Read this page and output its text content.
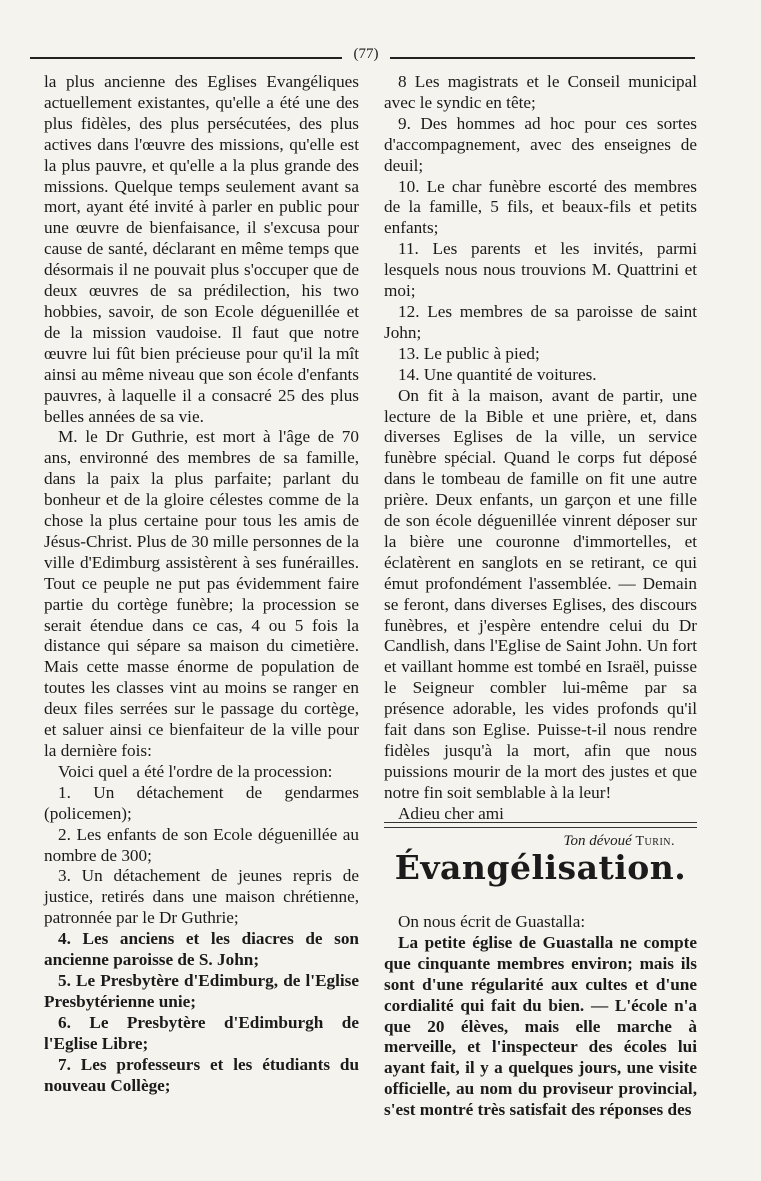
(77)

la plus ancienne des Eglises Evangéliques actuellement existantes, qu'elle a été une des plus fidèles, des plus persécutées, des plus actives dans l'œuvre des missions, qu'elle est la plus pauvre, et qu'elle a la plus grande des missions. Quelque temps seulement avant sa mort, ayant été invité à parler en public pour une œuvre de bienfaisance, il s'excusa pour cause de santé, déclarant en même temps que désormais il ne pouvait plus s'occuper que de deux œuvres de sa prédilection, his two hobbies, savoir, de son Ecole déguenillée et de la mission vaudoise. Il faut que notre œuvre lui fût bien précieuse pour qu'il la mît ainsi au même niveau que son école d'enfants pauvres, à laquelle il a consacré 25 des plus belles années de sa vie.

M. le Dr Guthrie, est mort à l'âge de 70 ans, environné des membres de sa famille, dans la paix la plus parfaite; parlant du bonheur et de la gloire célestes comme de la chose la plus certaine pour tous les amis de Jésus-Christ. Plus de 30 mille personnes de la ville d'Edimburg assistèrent à ses funérailles. Tout ce peuple ne put pas évidemment faire partie du cortège funèbre; la procession se serait étendue dans ce cas, 4 ou 5 fois la distance qui sépare sa maison du cimetière. Mais cette masse énorme de population de toutes les classes vint au moins se ranger en deux files serrées sur le passage du cortège, et saluer ainsi ce bienfaiteur de la ville pour la dernière fois:

Voici quel a été l'ordre de la procession:

1. Un détachement de gendarmes (policemen);

2. Les enfants de son Ecole déguenillée au nombre de 300;

3. Un détachement de jeunes repris de justice, retirés dans une maison chrétienne, patronnée par le Dr Guthrie;

4. Les anciens et les diacres de son ancienne paroisse de S. John;

5. Le Presbytère d'Edimburg, de l'Eglise Presbytérienne unie;

6. Le Presbytère d'Edimburgh de l'Eglise Libre;

7. Les professeurs et les étudiants du nouveau Collège;

8 Les magistrats et le Conseil municipal avec le syndic en tête;

9. Des hommes ad hoc pour ces sortes d'accompagnement, avec des enseignes de deuil;

10. Le char funèbre escorté des membres de la famille, 5 fils, et beaux-fils et petits enfants;

11. Les parents et les invités, parmi lesquels nous nous trouvions M. Quattrini et moi;

12. Les membres de sa paroisse de saint John;

13. Le public à pied;

14. Une quantité de voitures.

On fit à la maison, avant de partir, une lecture de la Bible et une prière, et, dans diverses Eglises de la ville, un service funèbre spécial. Quand le corps fut déposé dans le tombeau de famille on fit une autre prière. Deux enfants, un garçon et une fille de son école déguenillée vinrent déposer sur la bière une couronne d'immortelles, et éclatèrent en sanglots en se retirant, ce qui émut profondément l'assemblée. — Demain se feront, dans diverses Eglises, des discours funèbres, et j'espère entendre celui du Dr Candlish, dans l'Eglise de Saint John. Un fort et vaillant homme est tombé en Israël, puisse le Seigneur combler lui-même par sa présence adorable, les vides profonds qu'il fait dans son Eglise. Puisse-t-il nous rendre fidèles jusqu'à la mort, afin que nous puissions mourir de la mort des justes et que notre fin soit semblable à la leur!

Adieu cher ami

Ton dévoué Turin.
Évangélisation.

On nous écrit de Guastalla:

La petite église de Guastalla ne compte que cinquante membres environ; mais ils sont d'une régularité aux cultes et d'une cordialité qui fait du bien. — L'école n'a que 20 élèves, mais elle marche à merveille, et l'inspecteur des écoles lui ayant fait, il y a quelques jours, une visite officielle, au nom du proviseur provincial, s'est montré très satisfait des réponses des
